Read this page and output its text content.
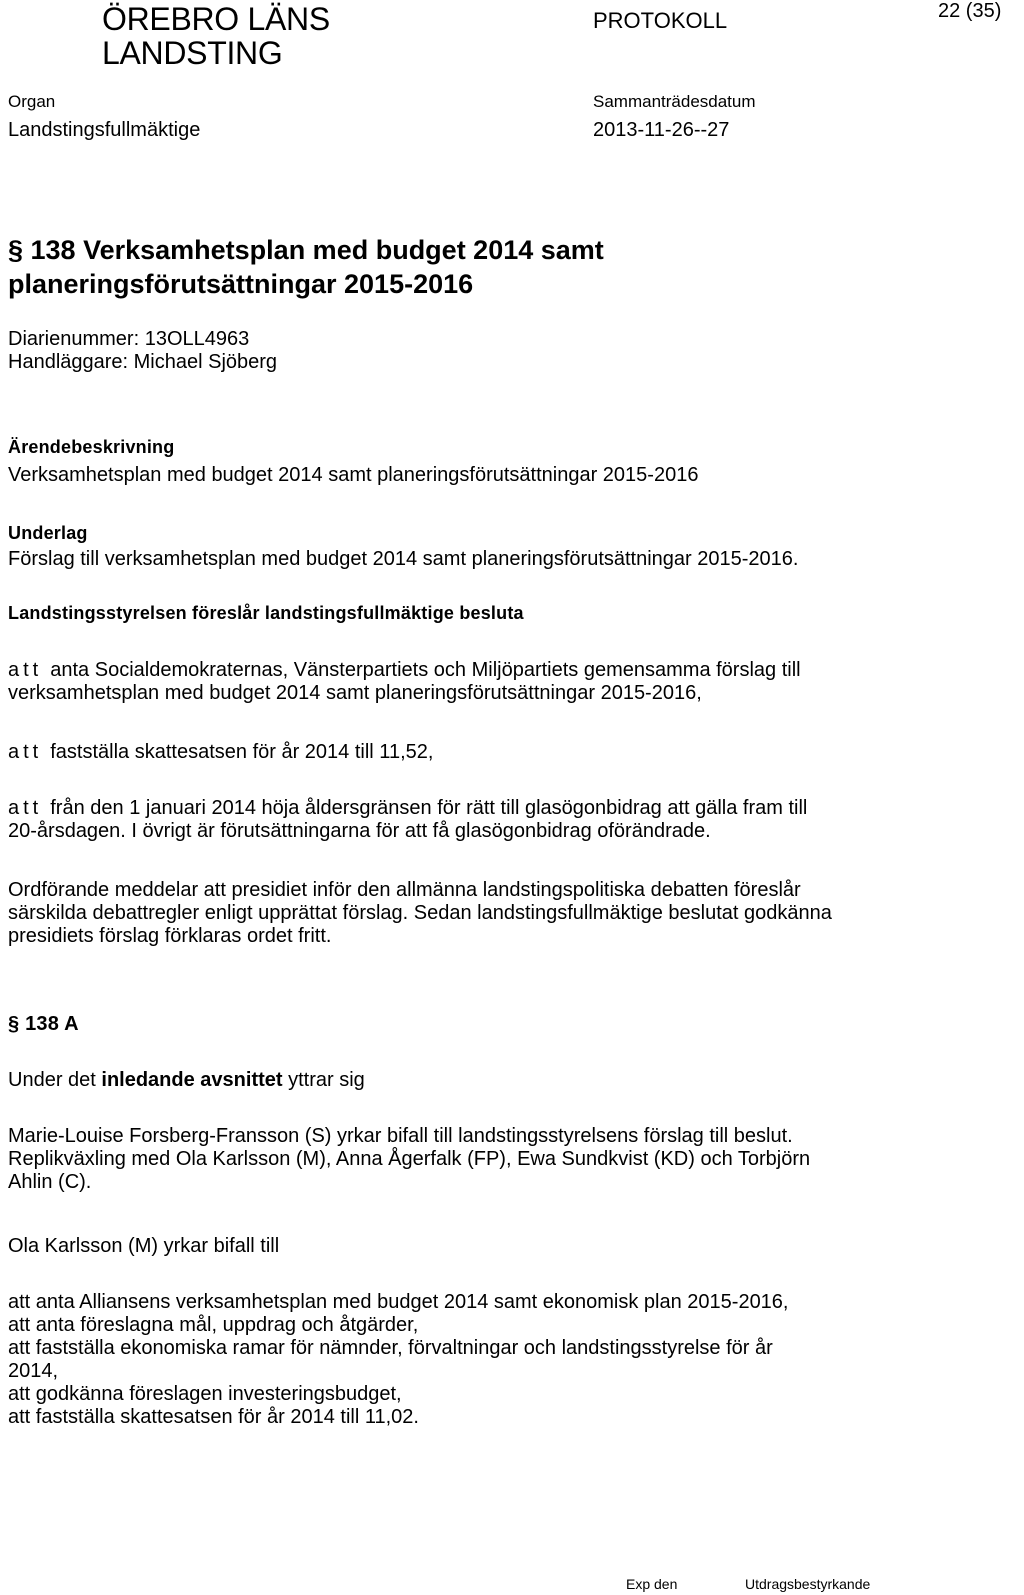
ÖREBRO LÄNS
LANDSTING
PROTOKOLL	22 (35)
Organ
Landstingsfullmäktige
Sammanträdesdatum
2013-11-26--27
§ 138 Verksamhetsplan med budget 2014 samt
planeringsförutsättningar 2015-2016
Diarienummer: 13OLL4963
Handläggare: Michael Sjöberg
Ärendebeskrivning
Verksamhetsplan med budget 2014 samt planeringsförutsättningar 2015-2016
Underlag
Förslag till verksamhetsplan med budget 2014 samt planeringsförutsättningar 2015-2016.
Landstingsstyrelsen föreslår landstingsfullmäktige besluta
att anta Socialdemokraternas, Vänsterpartiets och Miljöpartiets gemensamma förslag till
verksamhetsplan med budget 2014 samt planeringsförutsättningar 2015-2016,
att fastställa skattesatsen för år 2014 till 11,52,
att från den 1 januari 2014 höja åldersgränsen för rätt till glasögonbidrag att gälla fram till
20-årsdagen. I övrigt är förutsättningarna för att få glasögonbidrag oförändrade.
Ordförande meddelar att presidiet inför den allmänna landstingspolitiska debatten föreslår
särskilda debattregler enligt upprättat förslag. Sedan landstingsfullmäktige beslutat godkänna
presidiets förslag förklaras ordet fritt.
§ 138 A
Under det inledande avsnittet yttrar sig
Marie-Louise Forsberg-Fransson (S) yrkar bifall till landstingsstyrelsens förslag till beslut.
Replikväxling med Ola Karlsson (M), Anna Ågerfalk (FP), Ewa Sundkvist (KD) och Torbjörn
Ahlin (C).
Ola Karlsson (M) yrkar bifall till
att anta Alliansens verksamhetsplan med budget 2014 samt ekonomisk plan 2015-2016,
att anta föreslagna mål, uppdrag och åtgärder,
att fastställa ekonomiska ramar för nämnder, förvaltningar och landstingsstyrelse för år
2014,
att godkänna föreslagen investeringsbudget,
att fastställa skattesatsen för år 2014 till 11,02.
Exp den	Utdragsbestyrkande
